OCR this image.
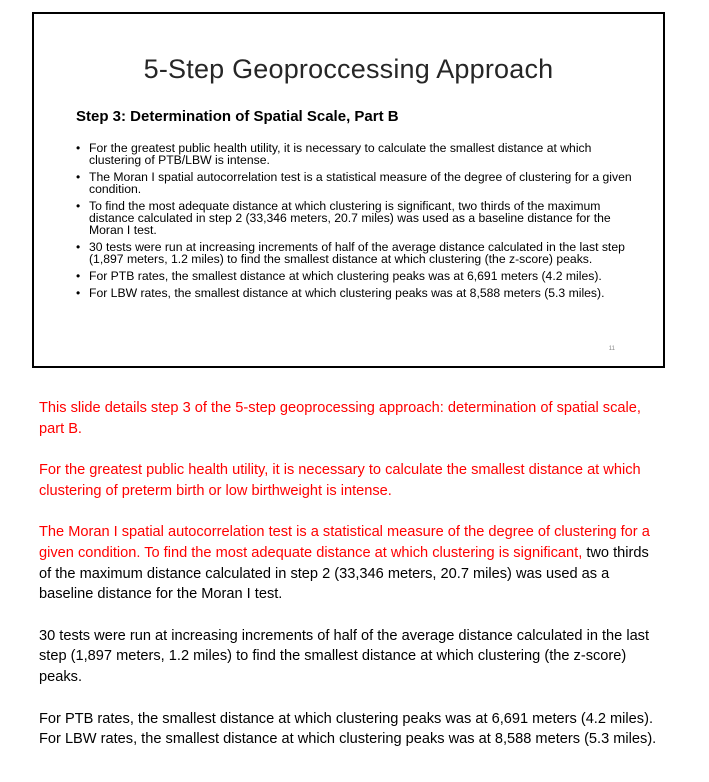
5-Step Geoproccessing Approach
Step 3: Determination of Spatial Scale, Part B
• For the greatest public health utility, it is necessary to calculate the smallest distance at which clustering of PTB/LBW is intense.
• The Moran I spatial autocorrelation test is a statistical measure of the degree of clustering for a given condition.
• To find the most adequate distance at which clustering is significant, two thirds of the maximum distance calculated in step 2 (33,346 meters, 20.7 miles) was used as a baseline distance for the Moran I test.
• 30 tests were run at increasing increments of half of the average distance calculated in the last step (1,897 meters, 1.2 miles) to find the smallest distance at which clustering (the z-score) peaks.
• For PTB rates, the smallest distance at which clustering peaks was at 6,691 meters (4.2 miles).
• For LBW rates, the smallest distance at which clustering peaks was at 8,588 meters (5.3 miles).
11

This slide details step 3 of the 5-step geoprocessing approach: determination of spatial scale, part B.

For the greatest public health utility, it is necessary to calculate the smallest distance at which clustering of preterm birth or low birthweight is intense.

The Moran I spatial autocorrelation test is a statistical measure of the degree of clustering for a given condition. To find the most adequate distance at which clustering is significant, two thirds of the maximum distance calculated in step 2 (33,346 meters, 20.7 miles) was used as a baseline distance for the Moran I test.

30 tests were run at increasing increments of half of the average distance calculated in the last step (1,897 meters, 1.2 miles) to find the smallest distance at which clustering (the z-score) peaks.

For PTB rates, the smallest distance at which clustering peaks was at 6,691 meters (4.2 miles). For LBW rates, the smallest distance at which clustering peaks was at 8,588 meters (5.3 miles).
